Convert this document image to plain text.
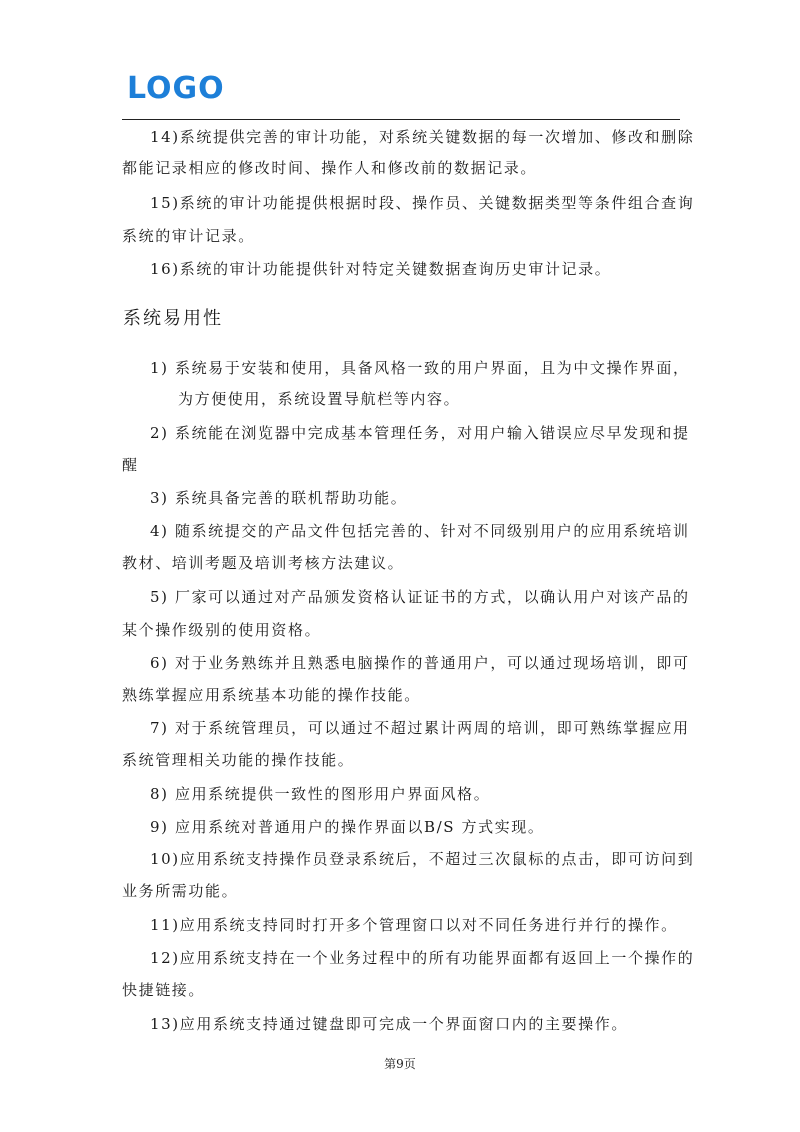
LOGO
14)系统提供完善的审计功能，对系统关键数据的每一次增加、修改和删除
都能记录相应的修改时间、操作人和修改前的数据记录。
15)系统的审计功能提供根据时段、操作员、关键数据类型等条件组合查询
系统的审计记录。
16)系统的审计功能提供针对特定关键数据查询历史审计记录。
系统易用性
1) 系统易于安装和使用，具备风格一致的用户界面，且为中文操作界面，
为方便使用，系统设置导航栏等内容。
2) 系统能在浏览器中完成基本管理任务，对用户输入错误应尽早发现和提
醒
3) 系统具备完善的联机帮助功能。
4) 随系统提交的产品文件包括完善的、针对不同级别用户的应用系统培训
教材、培训考题及培训考核方法建议。
5) 厂家可以通过对产品颁发资格认证证书的方式，以确认用户对该产品的
某个操作级别的使用资格。
6) 对于业务熟练并且熟悉电脑操作的普通用户，可以通过现场培训，即可
熟练掌握应用系统基本功能的操作技能。
7) 对于系统管理员，可以通过不超过累计两周的培训，即可熟练掌握应用
系统管理相关功能的操作技能。
8) 应用系统提供一致性的图形用户界面风格。
9) 应用系统对普通用户的操作界面以B/S 方式实现。
10)应用系统支持操作员登录系统后，不超过三次鼠标的点击，即可访问到
业务所需功能。
11)应用系统支持同时打开多个管理窗口以对不同任务进行并行的操作。
12)应用系统支持在一个业务过程中的所有功能界面都有返回上一个操作的
快捷链接。
13)应用系统支持通过键盘即可完成一个界面窗口内的主要操作。
第9页
